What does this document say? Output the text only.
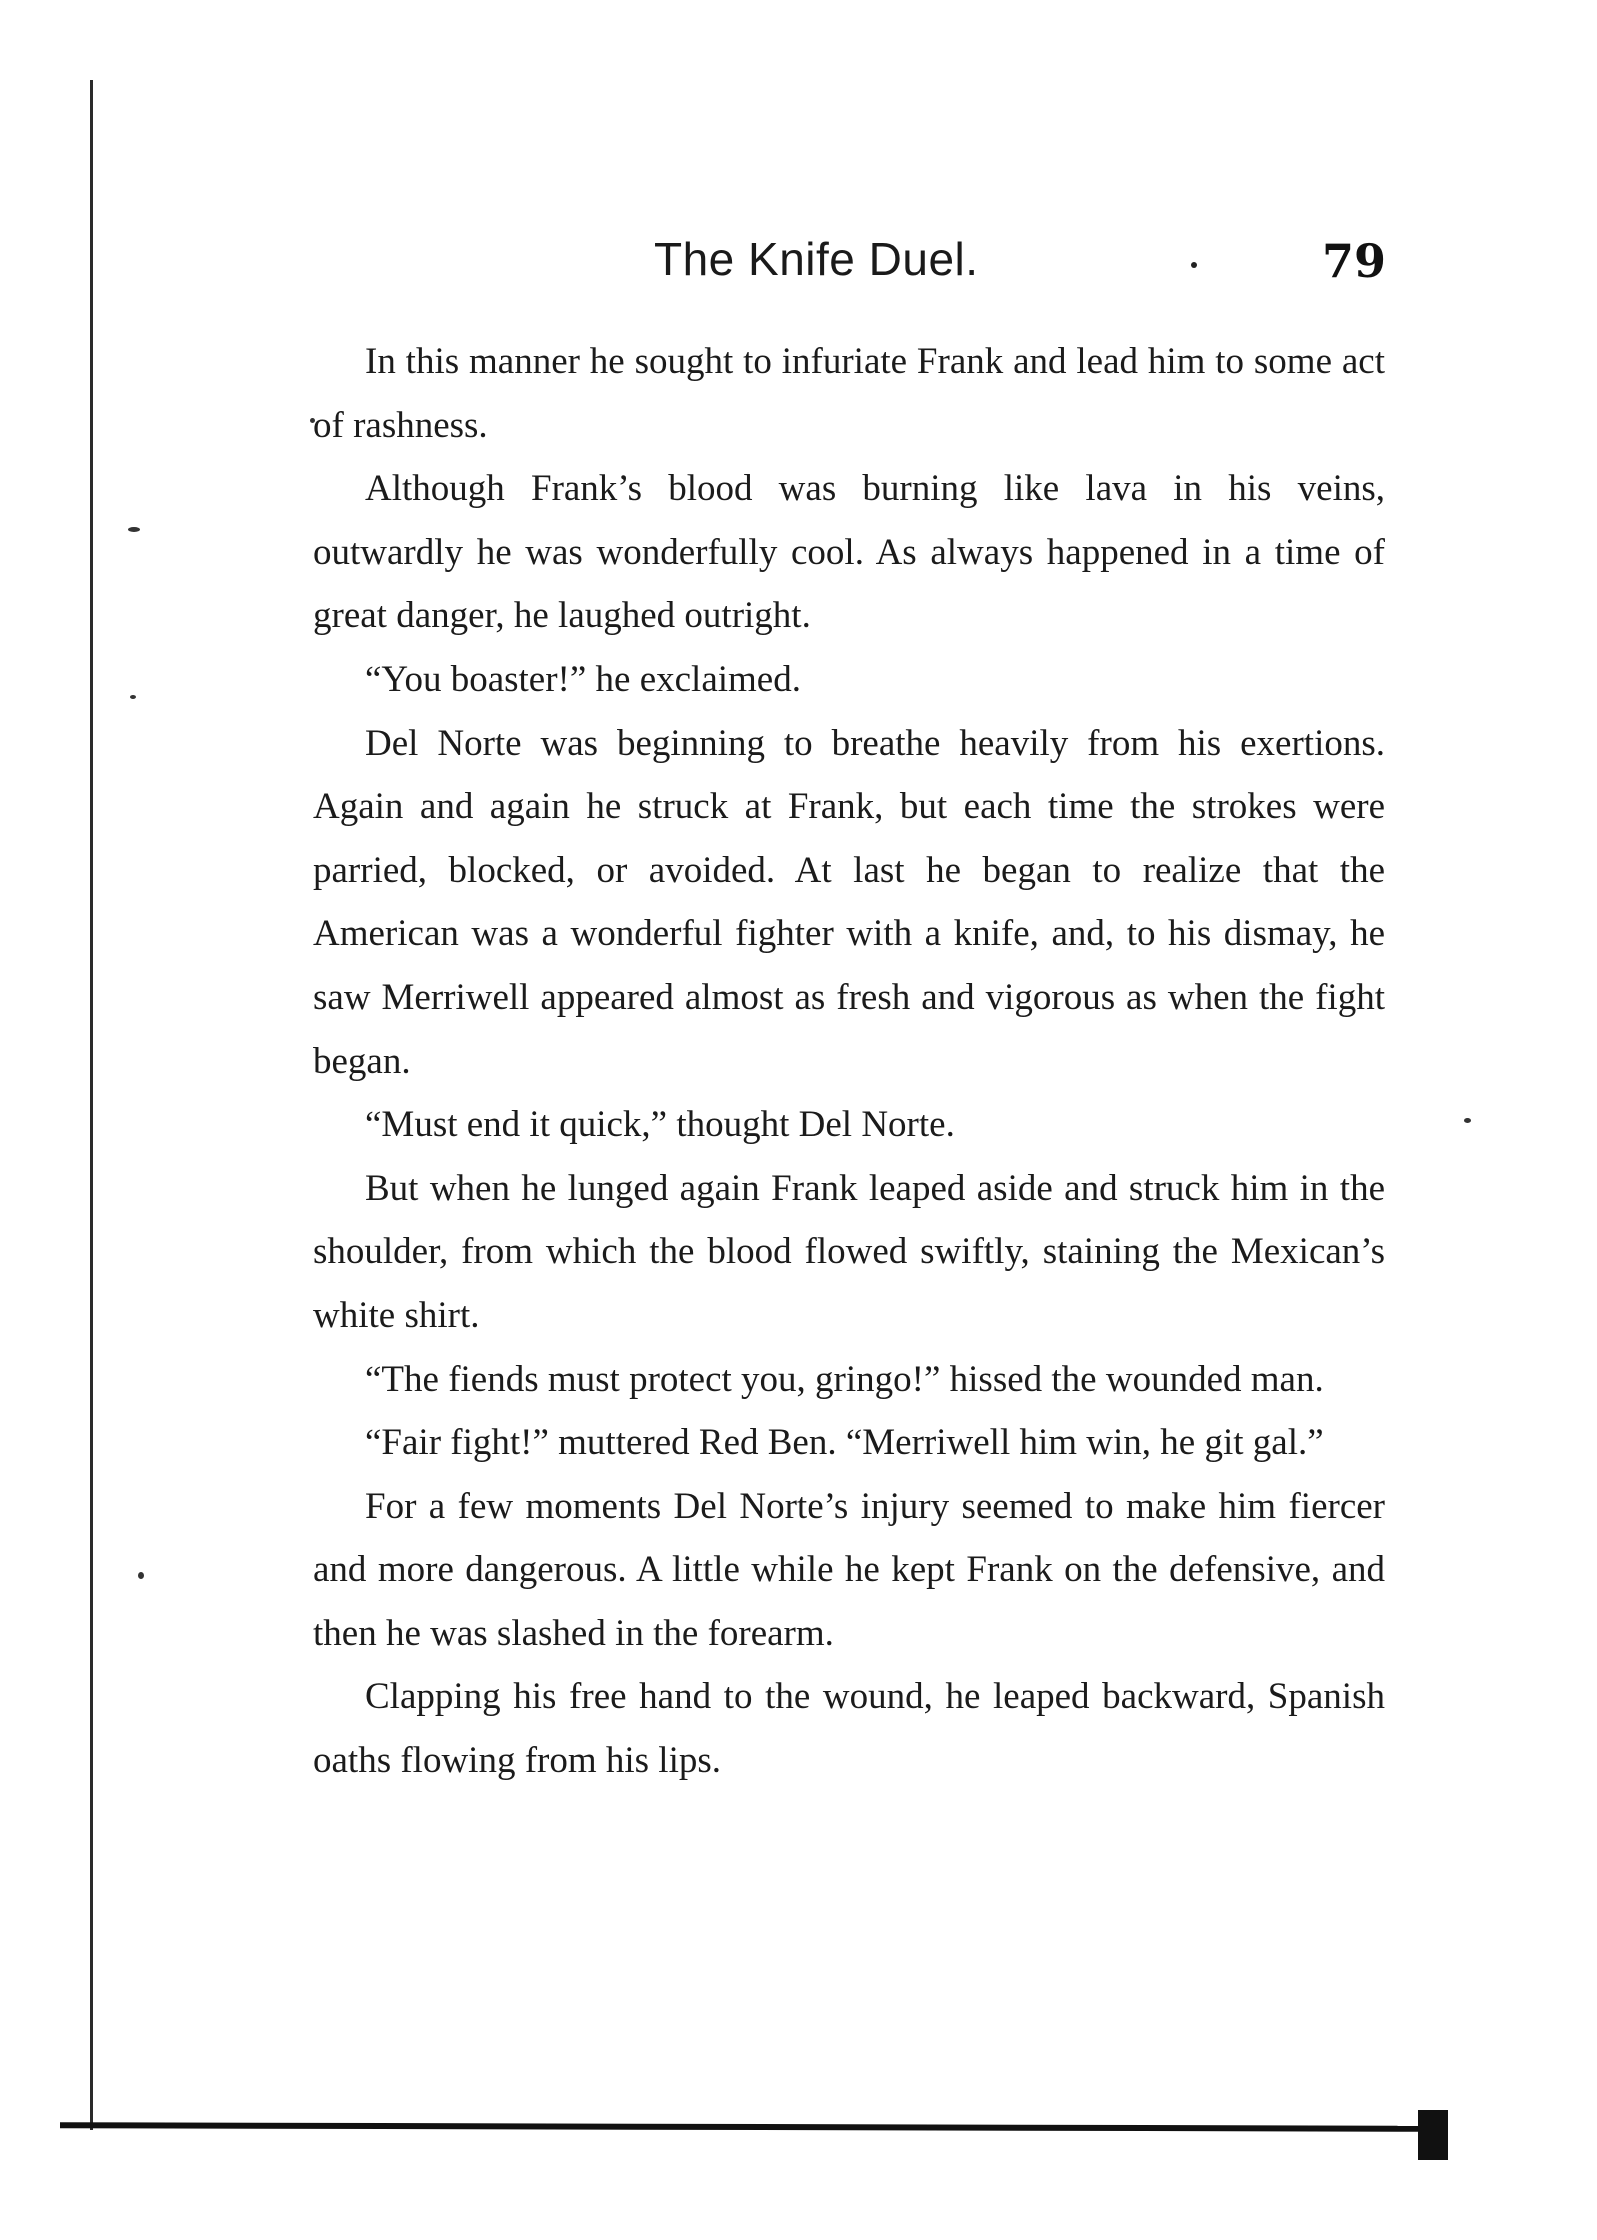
The Knife Duel.	79

In this manner he sought to infuriate Frank and lead him to some act of rashness.

Although Frank’s blood was burning like lava in his veins, outwardly he was wonderfully cool. As always happened in a time of great danger, he laughed outright.

“You boaster!” he exclaimed.

Del Norte was beginning to breathe heavily from his exertions. Again and again he struck at Frank, but each time the strokes were parried, blocked, or avoided. At last he began to realize that the American was a wonderful fighter with a knife, and, to his dismay, he saw Merriwell appeared almost as fresh and vigorous as when the fight began.

“Must end it quick,” thought Del Norte.

But when he lunged again Frank leaped aside and struck him in the shoulder, from which the blood flowed swiftly, staining the Mexican’s white shirt.

“The fiends must protect you, gringo!” hissed the wounded man.

“Fair fight!” muttered Red Ben. “Merriwell him win, he git gal.”

For a few moments Del Norte’s injury seemed to make him fiercer and more dangerous. A little while he kept Frank on the defensive, and then he was slashed in the forearm.

Clapping his free hand to the wound, he leaped backward, Spanish oaths flowing from his lips.
